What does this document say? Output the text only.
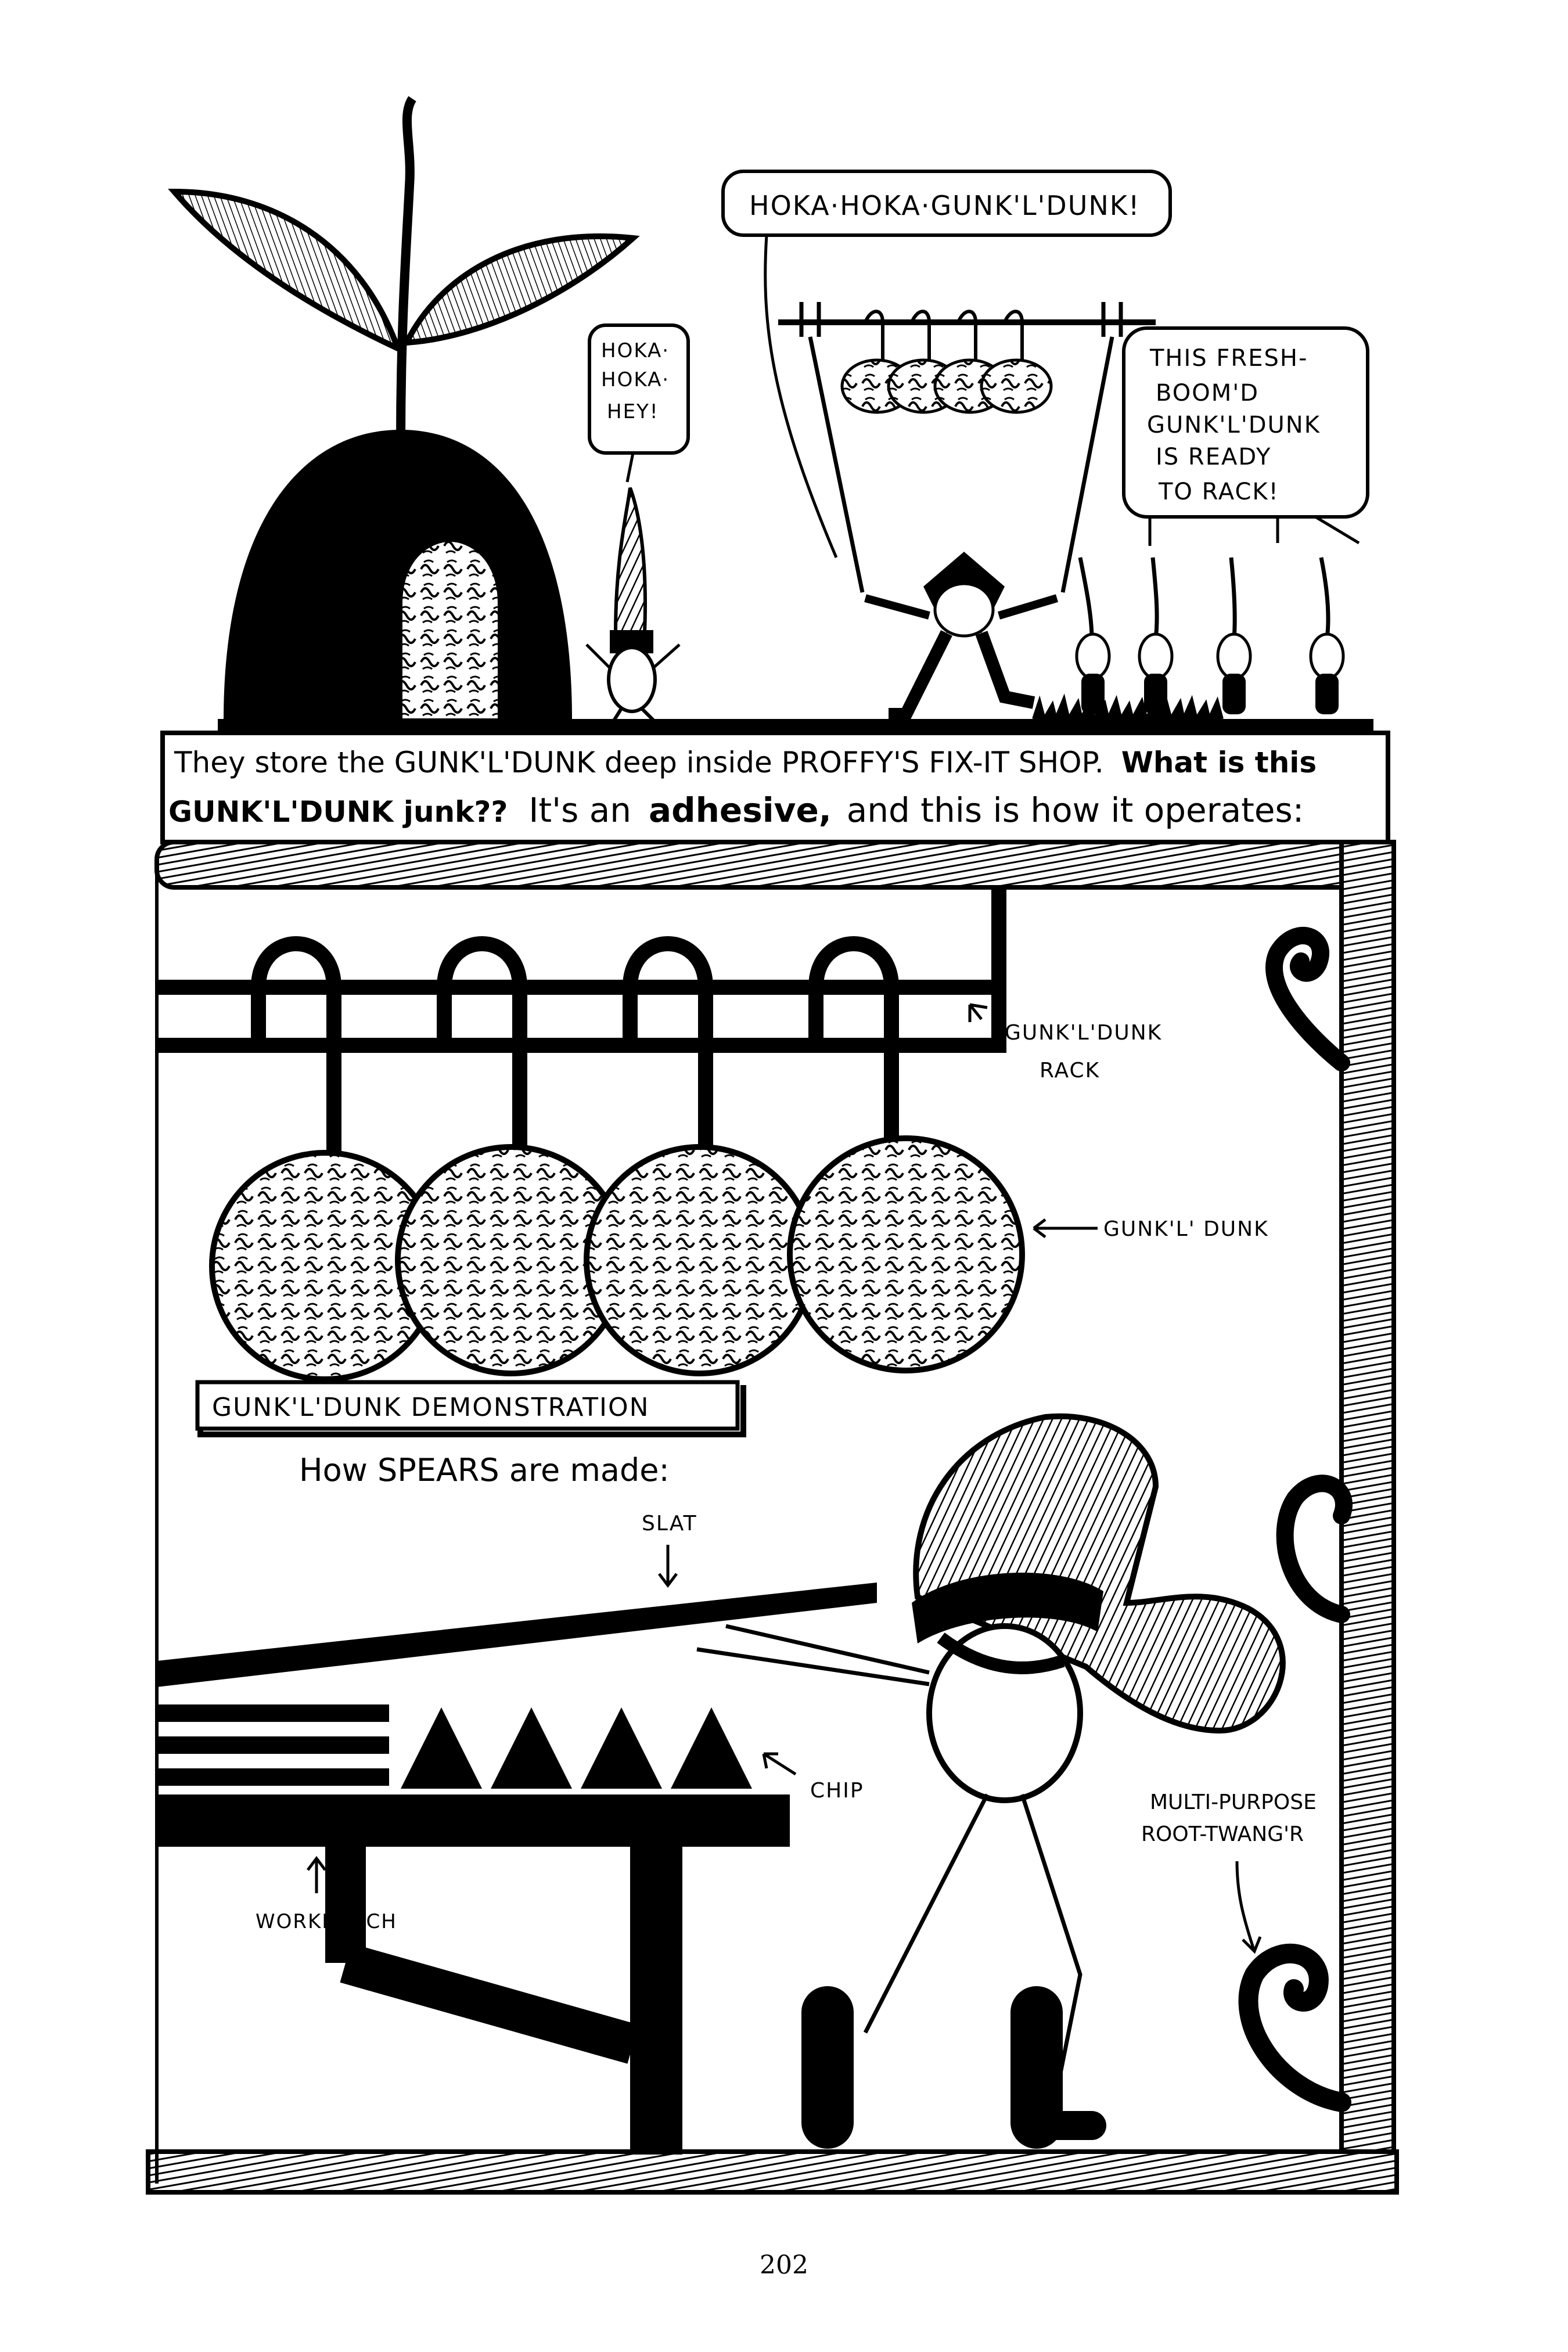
HOKA·
HOKA·
HEY!
HOKA·HOKA·GUNK'L'DUNK!
THIS FRESH-
BOOM'D
GUNK'L'DUNK
IS READY
TO RACK!
They store the GUNK'L'DUNK deep inside PROFFY'S FIX-IT SHOP. What is this
GUNK'L'DUNK junk?? It's an adhesive, and this is how it operates:
GUNK'L'DUNK
RACK
GUNK'L' DUNK
GUNK'L'DUNK DEMONSTRATION
How SPEARS are made:
SLAT
CHIP
WORKBENCH
MULTI-PURPOSE
ROOT-TWANG'R
202
